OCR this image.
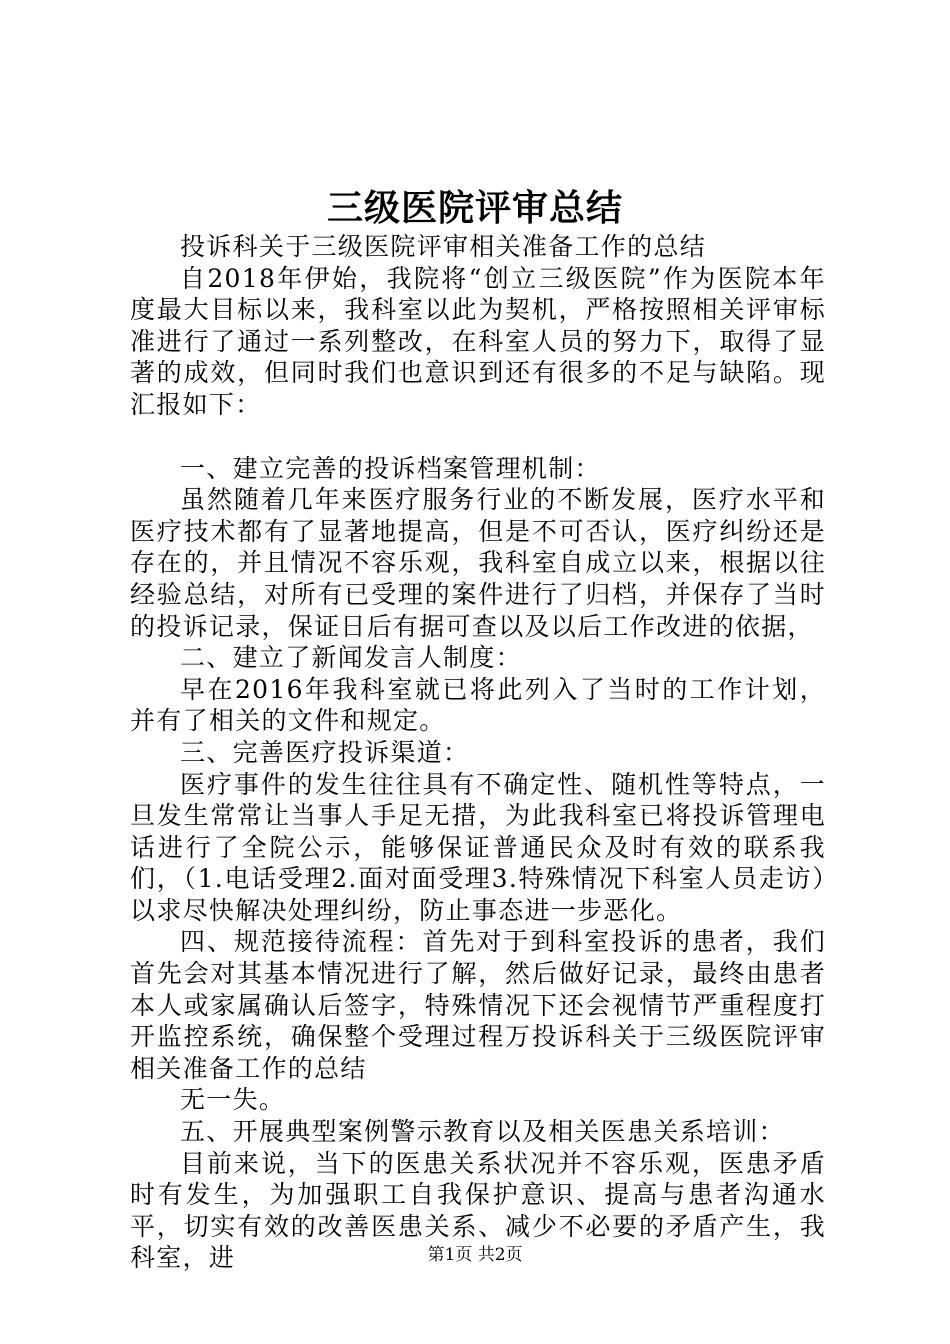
三级医院评审总结

投诉科关于三级医院评审相关准备工作的总结

自2018年伊始，我院将“创立三级医院”作为医院本年度最大目标以来，我科室以此为契机，严格按照相关评审标准进行了通过一系列整改，在科室人员的努力下，取得了显著的成效，但同时我们也意识到还有很多的不足与缺陷。现汇报如下：

一、建立完善的投诉档案管理机制：

虽然随着几年来医疗服务行业的不断发展，医疗水平和医疗技术都有了显著地提高，但是不可否认，医疗纠纷还是存在的，并且情况不容乐观，我科室自成立以来，根据以往经验总结，对所有已受理的案件进行了归档，并保存了当时的投诉记录，保证日后有据可查以及以后工作改进的依据，

二、建立了新闻发言人制度：

早在2016年我科室就已将此列入了当时的工作计划，并有了相关的文件和规定。

三、完善医疗投诉渠道：

医疗事件的发生往往具有不确定性、随机性等特点，一旦发生常常让当事人手足无措，为此我科室已将投诉管理电话进行了全院公示，能够保证普通民众及时有效的联系我们，（1.电话受理2.面对面受理3.特殊情况下科室人员走访）以求尽快解决处理纠纷，防止事态进一步恶化。

四、规范接待流程：首先对于到科室投诉的患者，我们首先会对其基本情况进行了解，然后做好记录，最终由患者本人或家属确认后签字，特殊情况下还会视情节严重程度打开监控系统，确保整个受理过程万投诉科关于三级医院评审相关准备工作的总结

无一失。

五、开展典型案例警示教育以及相关医患关系培训：

目前来说，当下的医患关系状况并不容乐观，医患矛盾时有发生，为加强职工自我保护意识、提高与患者沟通水平，切实有效的改善医患关系、减少不必要的矛盾产生，我科室，进	第1页 共2页
